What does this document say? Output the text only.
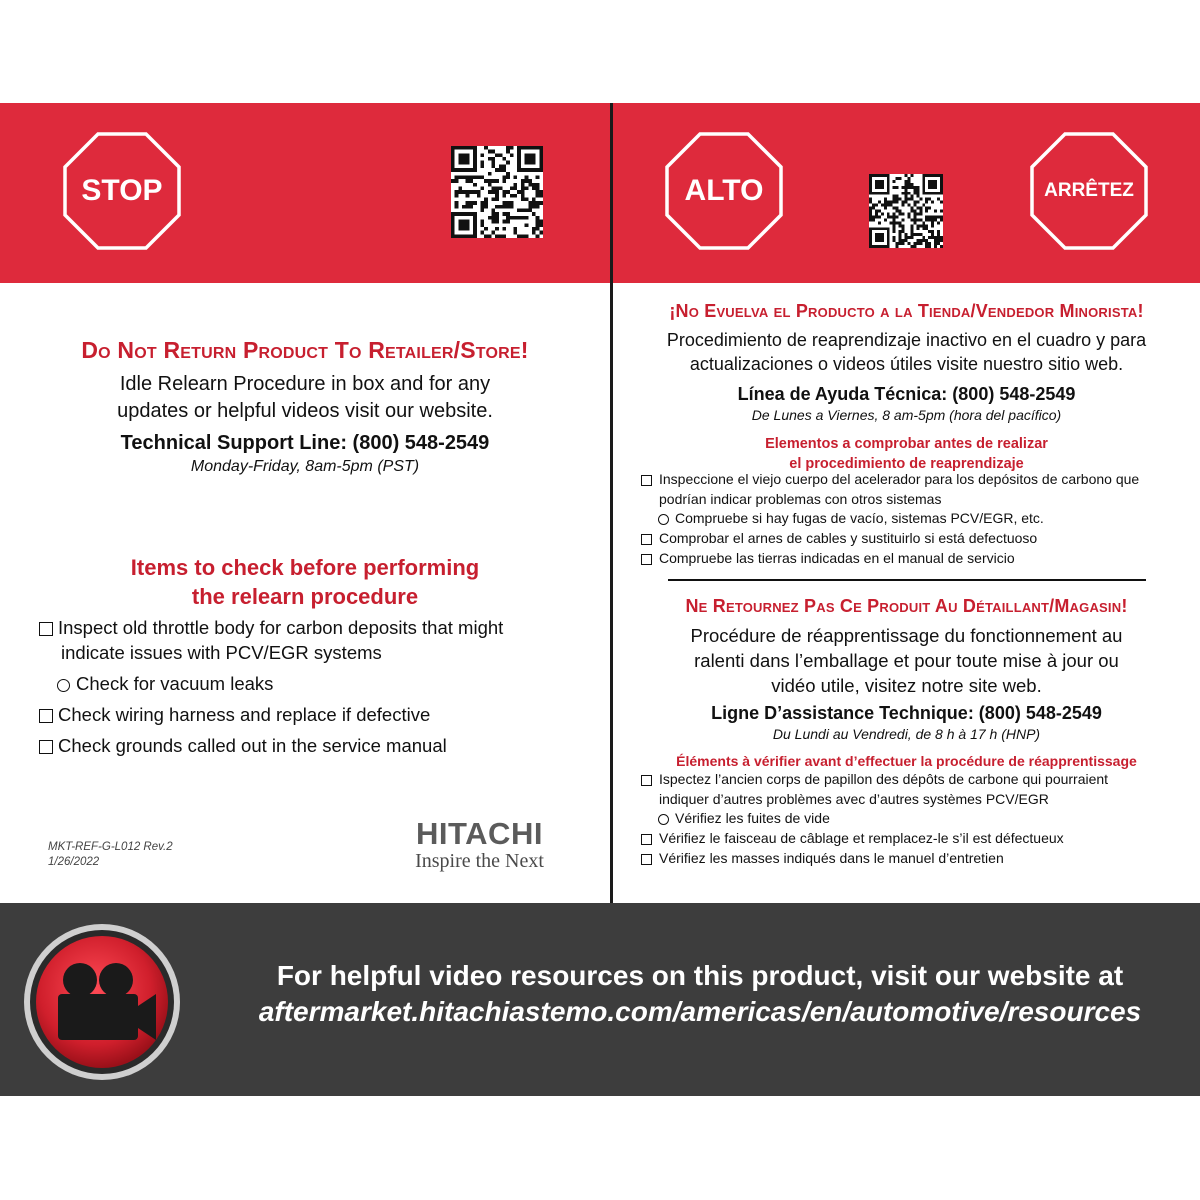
STOP	ALTO	ARRÊTEZ
Do Not Return Product To Retailer/Store!
Idle Relearn Procedure in box and for any
updates or helpful videos visit our website.
Technical Support Line: (800) 548-2549
Monday-Friday, 8am-5pm (PST)
Items to check before performing
the relearn procedure
Inspect old throttle body for carbon deposits that might
indicate issues with PCV/EGR systems
Check for vacuum leaks
Check wiring harness and replace if defective
Check grounds called out in the service manual
MKT-REF-G-L012 Rev.2
1/26/2022
HITACHI
Inspire the Next
¡No Evuelva el Producto a la Tienda/Vendedor Minorista!
Procedimiento de reaprendizaje inactivo en el cuadro y para
actualizaciones o videos útiles visite nuestro sitio web.
Línea de Ayuda Técnica: (800) 548-2549
De Lunes a Viernes, 8 am-5pm (hora del pacífico)
Elementos a comprobar antes de realizar
el procedimiento de reaprendizaje
Inspeccione el viejo cuerpo del acelerador para los depósitos de carbono que
podrían indicar problemas con otros sistemas
Compruebe si hay fugas de vacío, sistemas PCV/EGR, etc.
Comprobar el arnes de cables y sustituirlo si está defectuoso
Compruebe las tierras indicadas en el manual de servicio
Ne Retournez Pas Ce Produit Au Détaillant/Magasin!
Procédure de réapprentissage du fonctionnement au
ralenti dans l’emballage et pour toute mise à jour ou
vidéo utile, visitez notre site web.
Ligne D’assistance Technique: (800) 548-2549
Du Lundi au Vendredi, de 8 h à 17 h (HNP)
Éléments à vérifier avant d’effectuer la procédure de réapprentissage
Ispectez l’ancien corps de papillon des dépôts de carbone qui pourraient
indiquer d’autres problèmes avec d’autres systèmes PCV/EGR
Vérifiez les fuites de vide
Vérifiez le faisceau de câblage et remplacez-le s’il est défectueux
Vérifiez les masses indiqués dans le manuel d’entretien
For helpful video resources on this product, visit our website at
aftermarket.hitachiastemo.com/americas/en/automotive/resources
